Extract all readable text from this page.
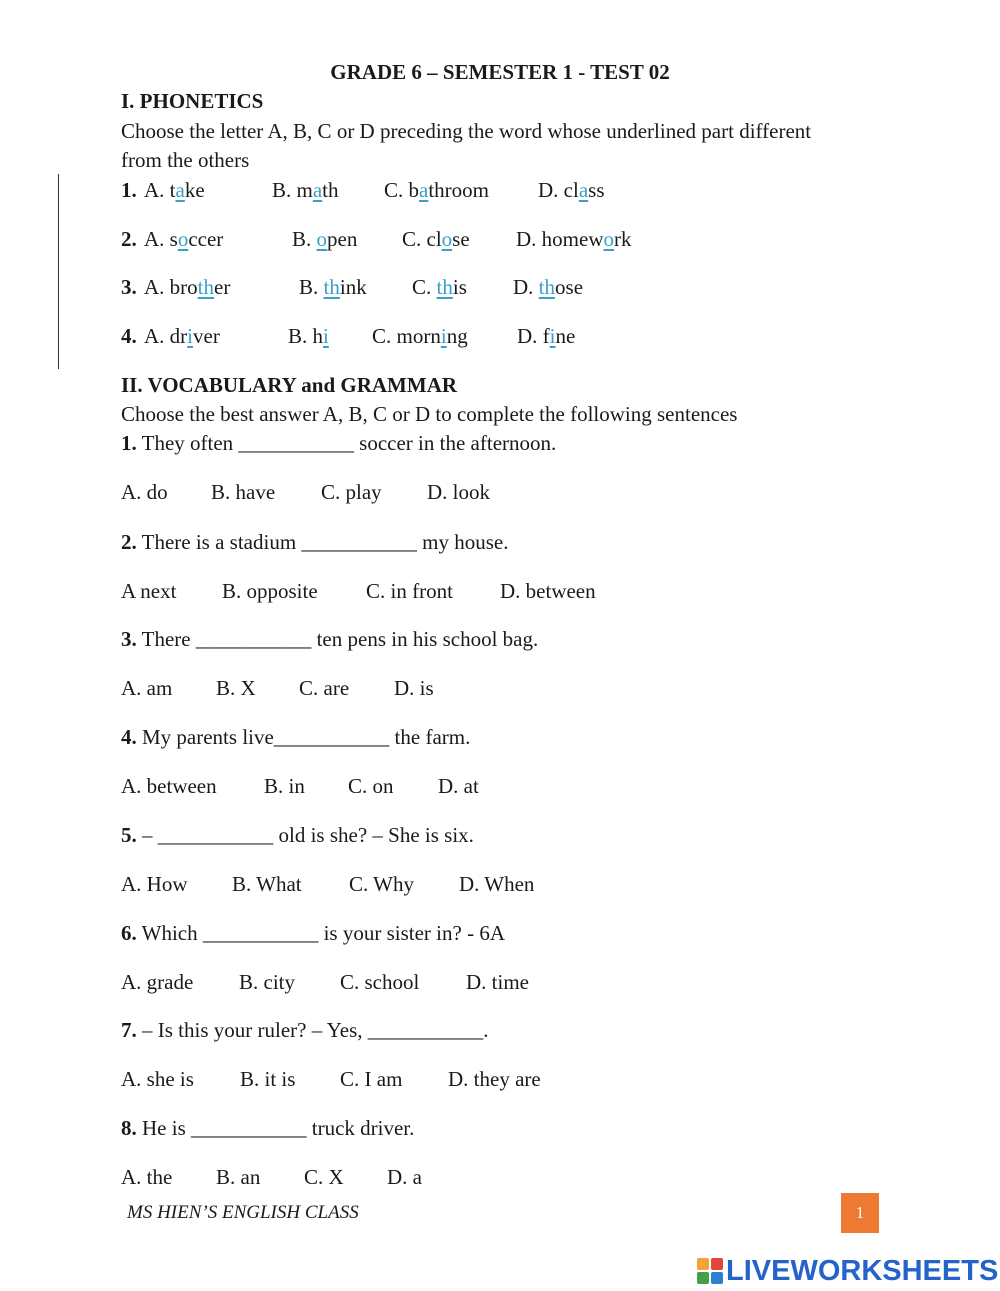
GRADE 6 – SEMESTER 1 - TEST 02
I. PHONETICS
Choose the letter A, B, C or D preceding the word whose underlined part different
from the others
1. A. take	B. math C. bathroom D. class
2. A. soccer	B. open C. close D. homework
3. A. brother	B. think C. this D. those
4. A. driver	B. hi C. morning D. fine
II. VOCABULARY and GRAMMAR
Choose the best answer A, B, C or D to complete the following sentences
1. They often ___________ soccer in the afternoon.
A. do B. have C. play D. look
2. There is a stadium ___________ my house.
A next B. opposite C. in front D. between
3. There ___________ ten pens in his school bag.
A. am B. X C. are D. is
4. My parents live___________ the farm.
A. between B. in C. on D. at
5. – ___________ old is she? – She is six.
A. How B. What C. Why D. When
6. Which ___________ is your sister in? - 6A
A. grade B. city C. school D. time
7. – Is this your ruler? – Yes, ___________.
A. she is B. it is C. I am D. they are
8. He is ___________ truck driver.
A. the B. an C. X D. a
MS HIEN’S ENGLISH CLASS	1
LIVEWORKSHEETS
